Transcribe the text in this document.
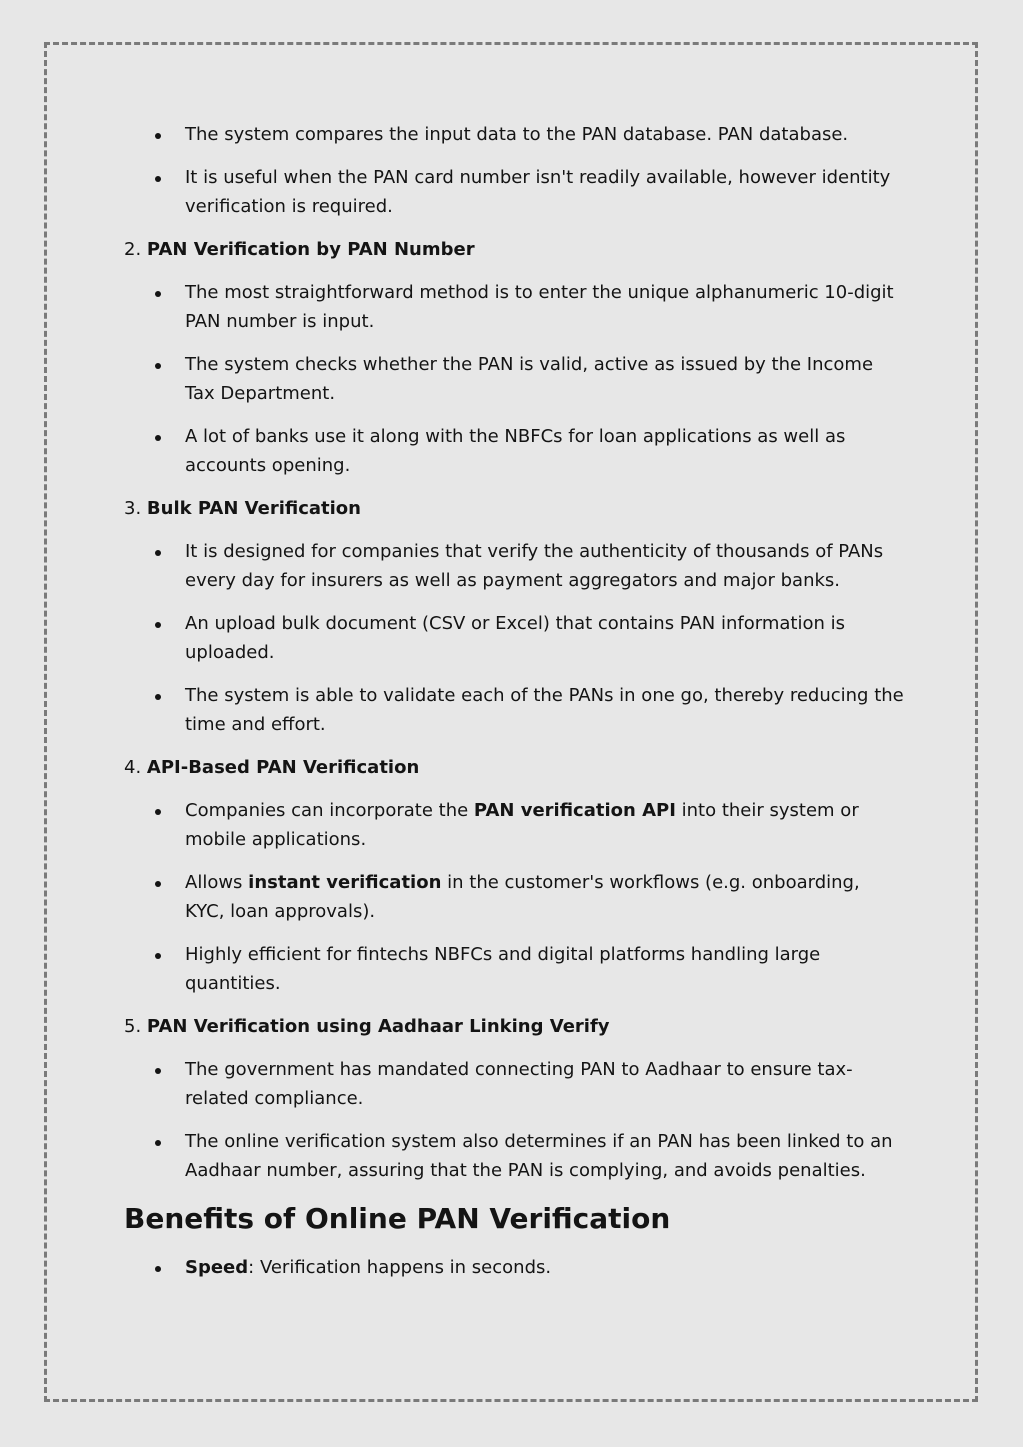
The system compares the input data to the PAN database. PAN database.
It is useful when the PAN card number isn't readily available, however identity verification is required.
2. PAN Verification by PAN Number
The most straightforward method is to enter the unique alphanumeric 10-digit PAN number is input.
The system checks whether the PAN is valid, active as issued by the Income Tax Department.
A lot of banks use it along with the NBFCs for loan applications as well as accounts opening.
3. Bulk PAN Verification
It is designed for companies that verify the authenticity of thousands of PANs every day for insurers as well as payment aggregators and major banks.
An upload bulk document (CSV or Excel) that contains PAN information is uploaded.
The system is able to validate each of the PANs in one go, thereby reducing the time and effort.
4. API-Based PAN Verification
Companies can incorporate the PAN verification API into their system or mobile applications.
Allows instant verification in the customer's workflows (e.g. onboarding, KYC, loan approvals).
Highly efficient for fintechs NBFCs and digital platforms handling large quantities.
5. PAN Verification using Aadhaar Linking Verify
The government has mandated connecting PAN to Aadhaar to ensure tax-related compliance.
The online verification system also determines if an PAN has been linked to an Aadhaar number, assuring that the PAN is complying, and avoids penalties.
Benefits of Online PAN Verification
Speed: Verification happens in seconds.
